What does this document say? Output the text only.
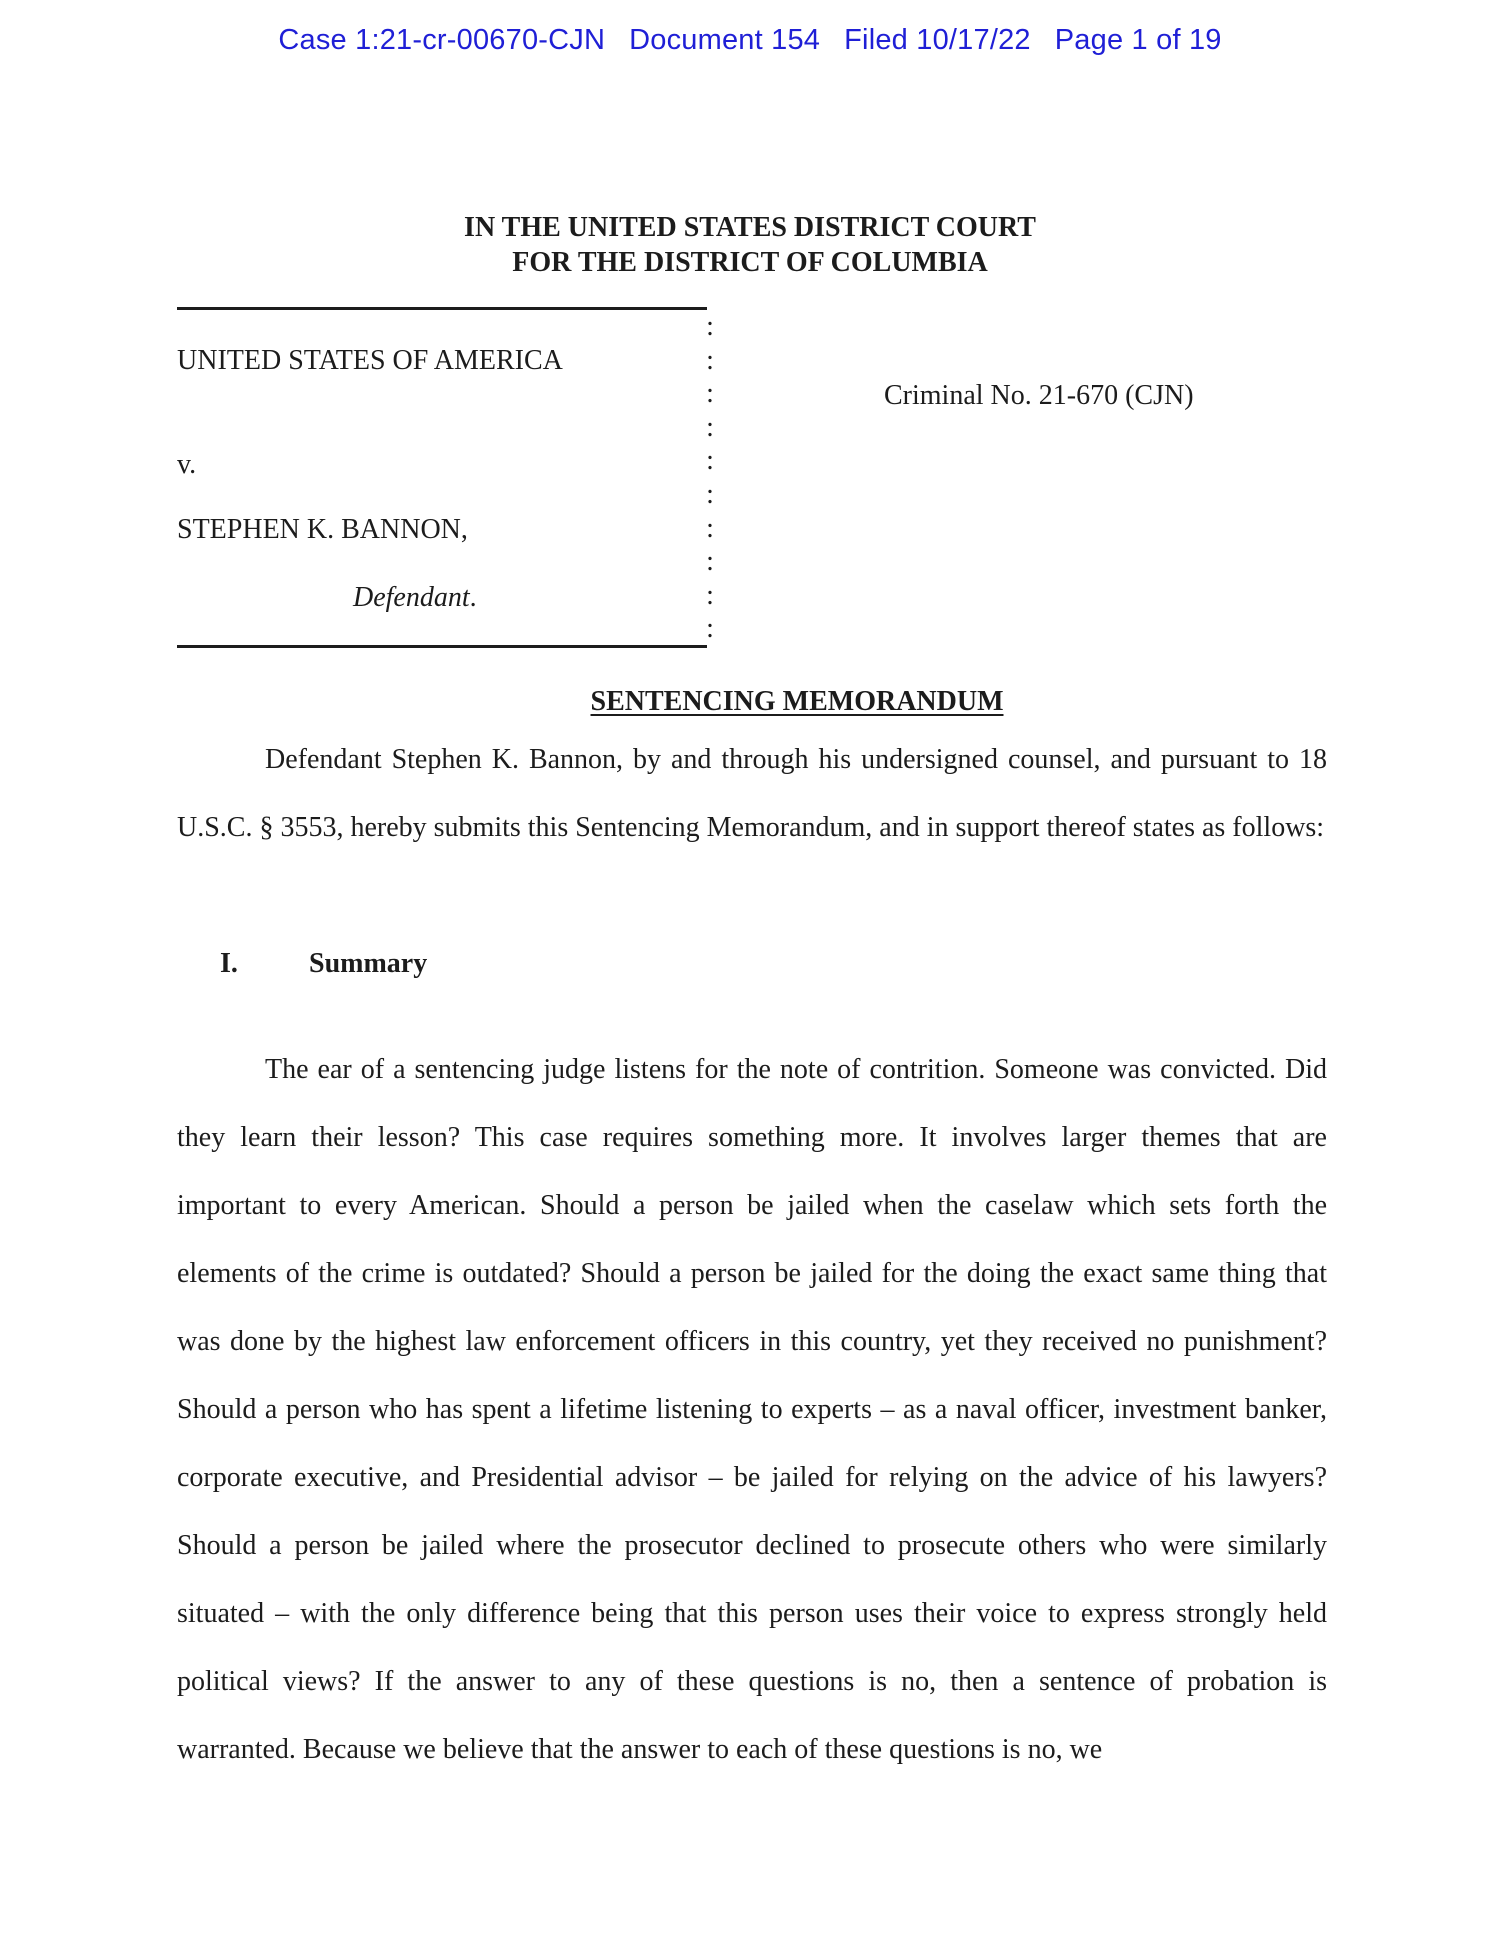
Case 1:21-cr-00670-CJN Document 154 Filed 10/17/22 Page 1 of 19
IN THE UNITED STATES DISTRICT COURT
FOR THE DISTRICT OF COLUMBIA
:
:
:
:
:
:
:
:
:
:
UNITED STATES OF AMERICA
v.
STEPHEN K. BANNON,
Defendant.
Criminal No. 21-670 (CJN)
SENTENCING MEMORANDUM

Defendant Stephen K. Bannon, by and through his undersigned counsel, and pursuant to 18 U.S.C. § 3553, hereby submits this Sentencing Memorandum, and in support thereof states as follows:

I.	Summary

The ear of a sentencing judge listens for the note of contrition. Someone was convicted. Did they learn their lesson? This case requires something more. It involves larger themes that are important to every American. Should a person be jailed when the caselaw which sets forth the elements of the crime is outdated? Should a person be jailed for the doing the exact same thing that was done by the highest law enforcement officers in this country, yet they received no punishment? Should a person who has spent a lifetime listening to experts – as a naval officer, investment banker, corporate executive, and Presidential advisor – be jailed for relying on the advice of his lawyers? Should a person be jailed where the prosecutor declined to prosecute others who were similarly situated – with the only difference being that this person uses their voice to express strongly held political views? If the answer to any of these questions is no, then a sentence of probation is warranted. Because we believe that the answer to each of these questions is no, we
